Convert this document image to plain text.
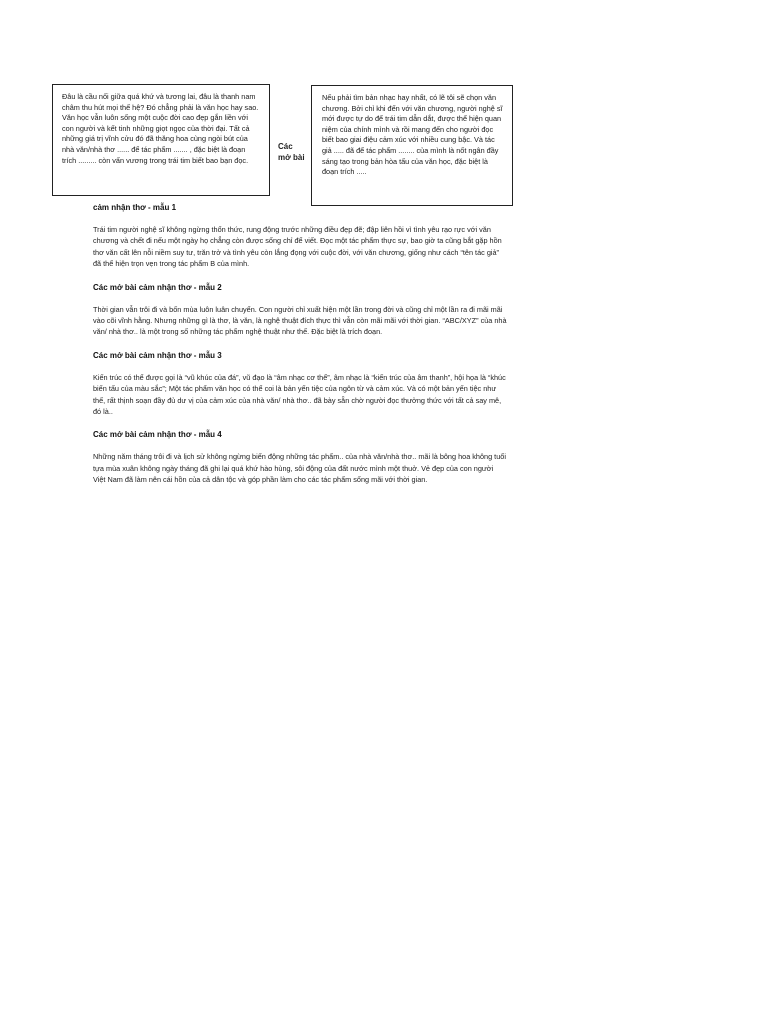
Đâu là cầu nối giữa quá khứ và tương lai, đâu là thanh nam châm thu hút mọi thế hệ? Đó chẳng phải là văn học hay sao. Văn học vẫn luôn sống một cuộc đời cao đẹp gắn liền với con người và kết tinh những giọt ngọc của thời đại. Tất cả những giá trị vĩnh cửu đó đã thăng hoa cùng ngòi bút của nhà văn/nhà thơ ...... để tác phẩm ....... , đặc biệt là đoạn trích ......... còn vấn vương trong trái tim biết bao bạn đọc.
Các mở bài
Nếu phải tìm bản nhạc hay nhất, có lẽ tôi sẽ chọn văn chương. Bởi chỉ khi đến với văn chương, người nghệ sĩ mới được tự do để trái tim dẫn dắt, được thể hiện quan niệm của chính mình và rồi mang đến cho người đọc biết bao giai điệu cảm xúc với nhiều cung bậc. Và tác giả ..... đã để tác phẩm ........ của mình là nốt ngân đầy sáng tạo trong bản hòa tấu của văn học, đặc biệt là đoạn trích .....
cảm nhận thơ - mẫu 1
Trái tim người nghệ sĩ không ngừng thổn thức, rung động trước những điều đẹp đẽ; đập liên hồi vì tình yêu rạo rực với văn chương và chết đi nếu một ngày họ chẳng còn được sống chỉ để viết. Đọc một tác phẩm thực sự, bao giờ ta cũng bắt gặp hồn thơ văn cất lên nỗi niềm suy tư, trăn trở và tình yêu còn lắng đọng với cuộc đời, với văn chương, giống như cách “tên tác giả” đã thể hiện trọn vẹn trong tác phẩm B của mình.
Các mở bài cảm nhận thơ - mẫu 2
Thời gian vẫn trôi đi và bốn mùa luôn luân chuyển. Con người chỉ xuất hiện một lần trong đời và cũng chỉ một lần ra đi mãi mãi vào cõi vĩnh hằng. Nhưng những gì là thơ, là văn, là nghệ thuật đích thực thì vẫn còn mãi mãi với thời gian. “ABC/XYZ” của nhà văn/ nhà thơ.. là một trong số những tác phẩm nghệ thuật như thế. Đặc biệt là trích đoạn.
Các mở bài cảm nhận thơ - mẫu 3
Kiến trúc có thể được gọi là “vũ khúc của đá”, vũ đạo là “âm nhạc cơ thể”, âm nhạc là “kiến trúc của âm thanh”, hội họa là “khúc biến tấu của màu sắc”; Một tác phẩm văn học có thể coi là bản yến tiệc của ngôn từ và cảm xúc. Và có một bản yến tiệc như thế, rất thịnh soạn đầy đủ dư vị của cảm xúc của nhà văn/ nhà thơ.. đã bày sẵn chờ người đọc thưởng thức với tất cả say mê, đó là..
Các mở bài cảm nhận thơ - mẫu 4
Những năm tháng trôi đi và lịch sử không ngừng biến động những tác phẩm.. của nhà văn/nhà thơ.. mãi là bông hoa không tuổi tựa mùa xuân không ngày tháng đã ghi lại quá khứ hào hùng, sôi động của đất nước mình một thuở. Vẻ đẹp của con người Việt Nam đã làm nên cái hồn của cả dân tộc và góp phần làm cho các tác phẩm sống mãi với thời gian.
